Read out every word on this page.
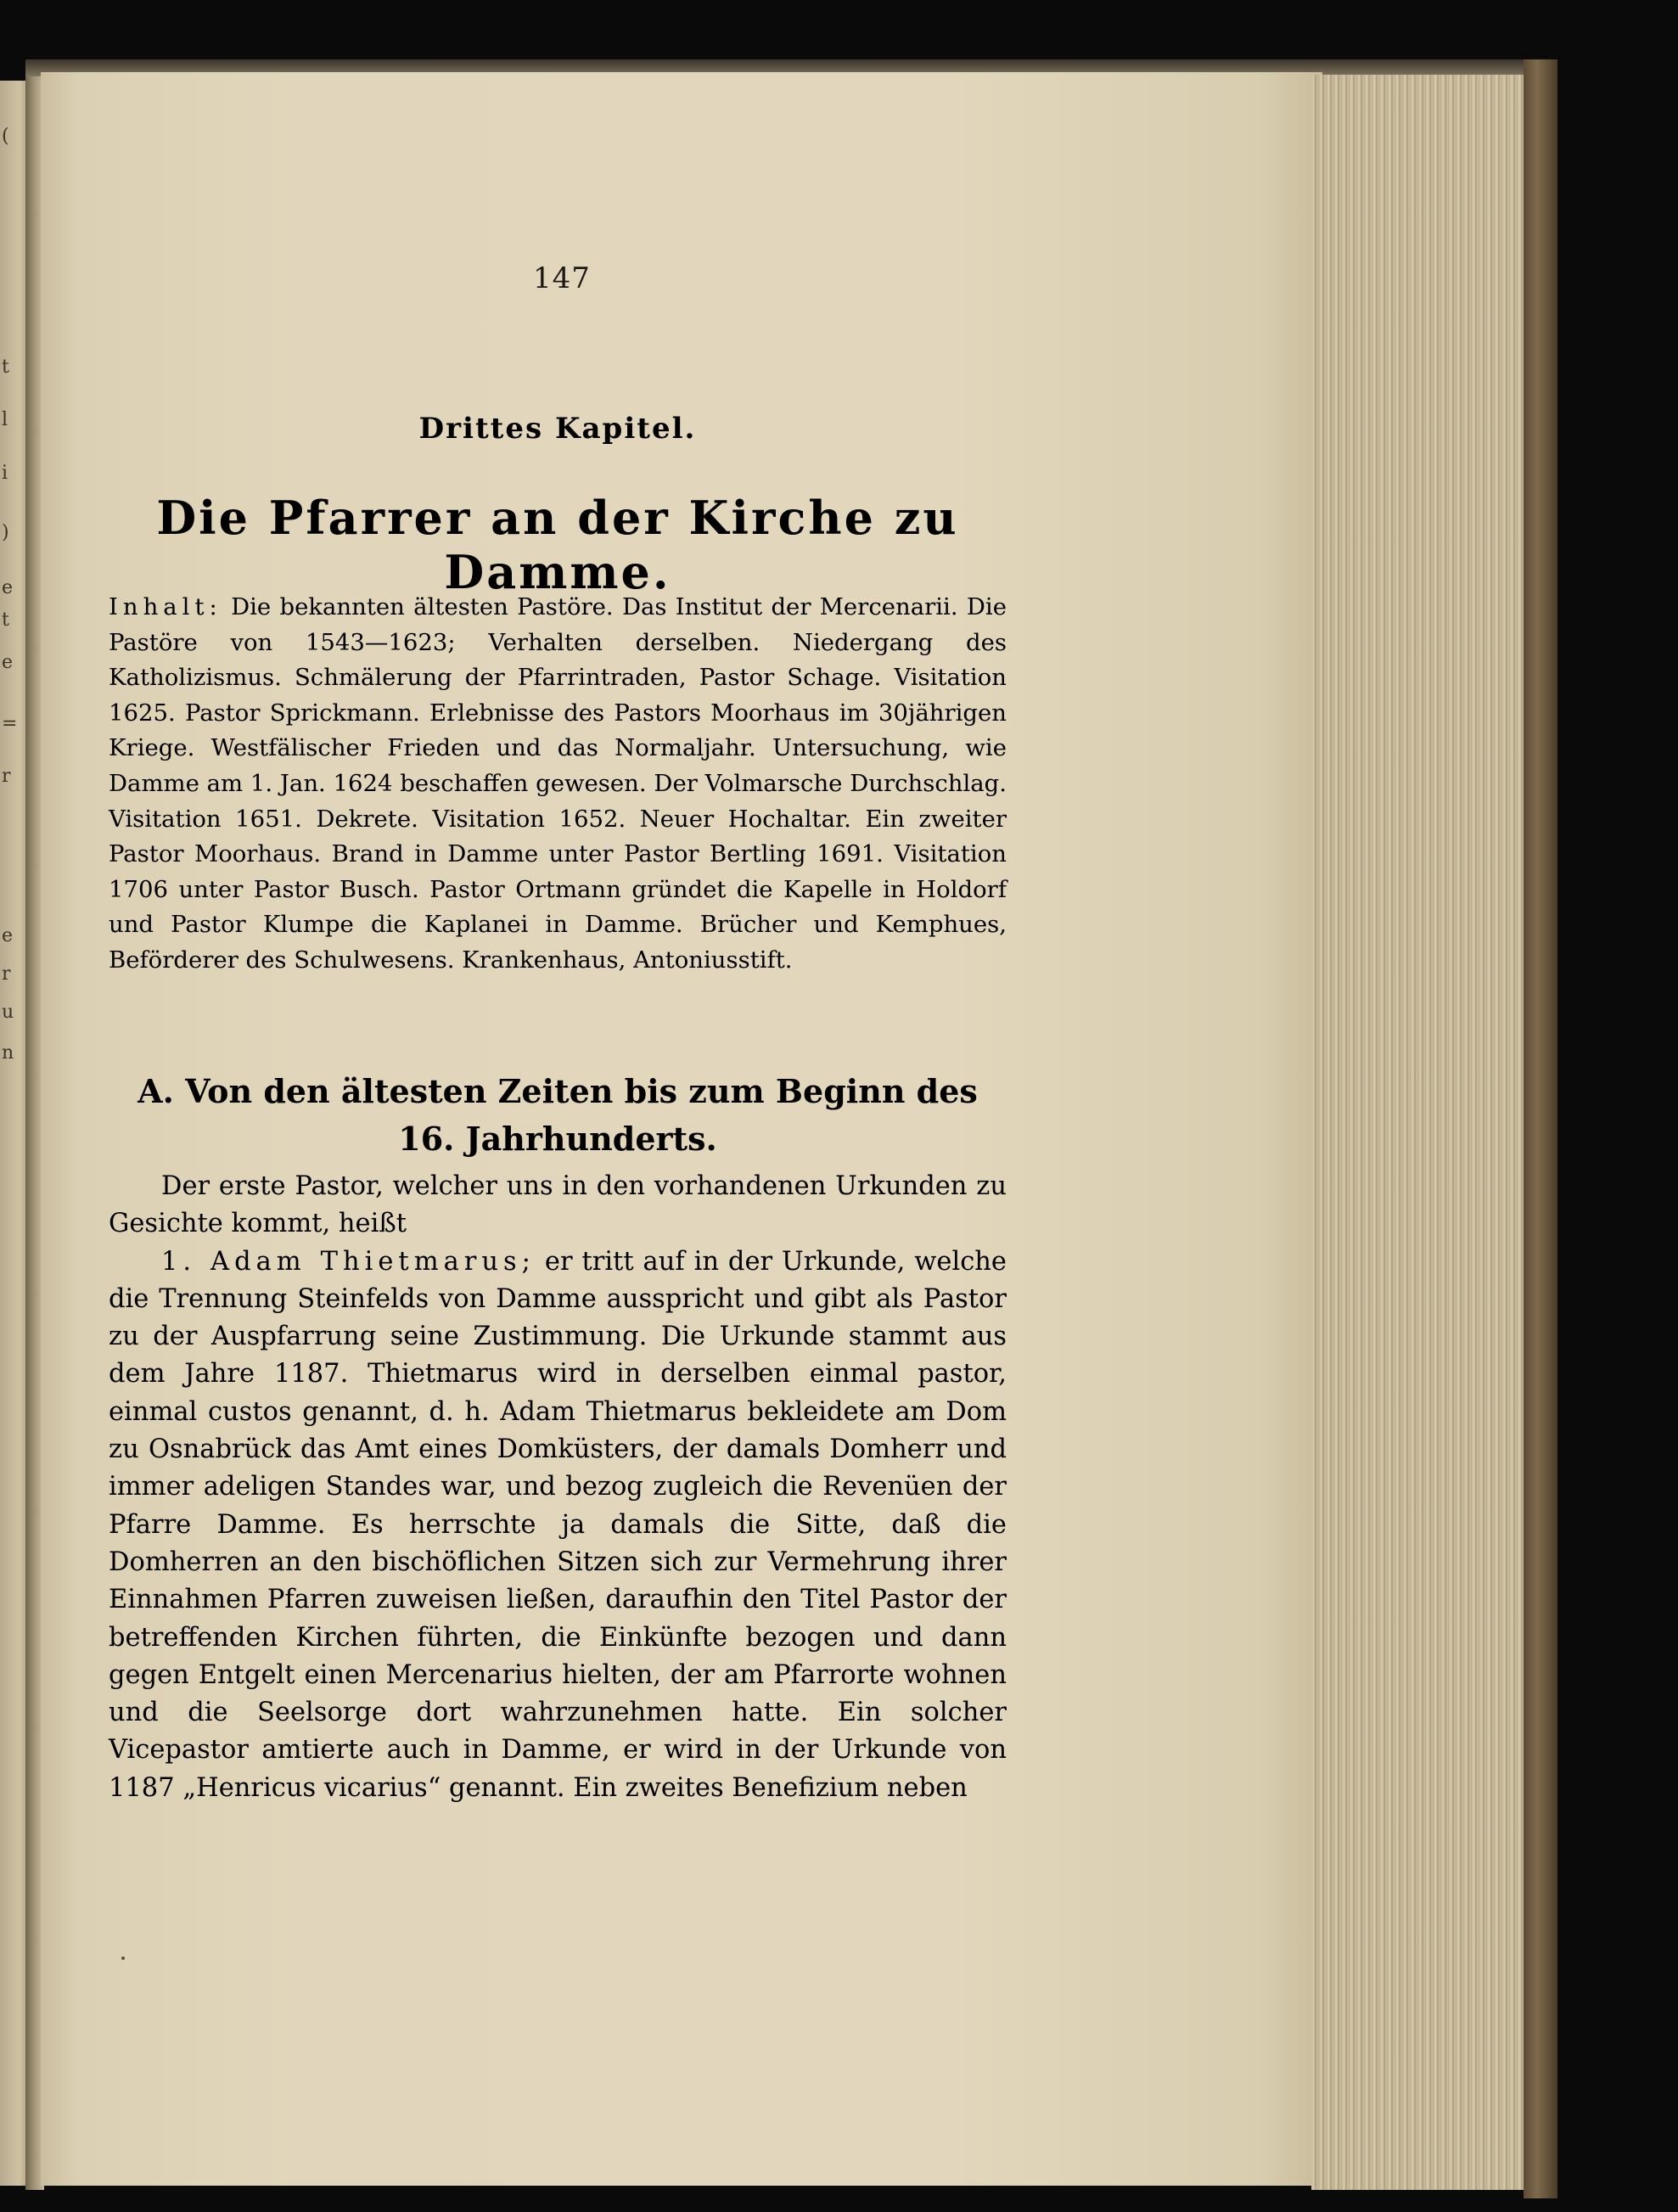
(
t
l
i
)
e
t
e
=
r
e
r
u
n
147
Drittes Kapitel.
Die Pfarrer an der Kirche zu Damme.
Inhalt: Die bekannten ältesten Pastöre. Das Institut der Mercenarii. Die Pastöre von 1543—1623; Verhalten derselben. Niedergang des Katholizismus. Schmälerung der Pfarrintraden, Pastor Schage. Visitation 1625. Pastor Sprickmann. Erlebnisse des Pastors Moorhaus im 30jährigen Kriege. Westfälischer Frieden und das Normaljahr. Untersuchung, wie Damme am 1. Jan. 1624 beschaffen gewesen. Der Volmarsche Durchschlag. Visitation 1651. Dekrete. Visitation 1652. Neuer Hochaltar. Ein zweiter Pastor Moorhaus. Brand in Damme unter Pastor Bertling 1691. Visitation 1706 unter Pastor Busch. Pastor Ortmann gründet die Kapelle in Holdorf und Pastor Klumpe die Kaplanei in Damme. Brücher und Kemphues, Beförderer des Schulwesens. Krankenhaus, Antoniusstift.
A. Von den ältesten Zeiten bis zum Beginn des
16. Jahrhunderts.

Der erste Pastor, welcher uns in den vorhandenen Urkunden zu Gesichte kommt, heißt

1. Adam Thietmarus; er tritt auf in der Urkunde, welche die Trennung Steinfelds von Damme ausspricht und gibt als Pastor zu der Auspfarrung seine Zustimmung. Die Urkunde stammt aus dem Jahre 1187. Thietmarus wird in derselben einmal pastor, einmal custos genannt, d. h. Adam Thietmarus bekleidete am Dom zu Osnabrück das Amt eines Domküsters, der damals Domherr und immer adeligen Standes war, und bezog zugleich die Revenüen der Pfarre Damme. Es herrschte ja damals die Sitte, daß die Domherren an den bischöflichen Sitzen sich zur Vermehrung ihrer Einnahmen Pfarren zuweisen ließen, daraufhin den Titel Pastor der betreffenden Kirchen führten, die Einkünfte bezogen und dann gegen Entgelt einen Mercenarius hielten, der am Pfarrorte wohnen und die Seelsorge dort wahrzunehmen hatte. Ein solcher Vicepastor amtierte auch in Damme, er wird in der Urkunde von 1187 „Henricus vicarius“ genannt. Ein zweites Benefizium neben
